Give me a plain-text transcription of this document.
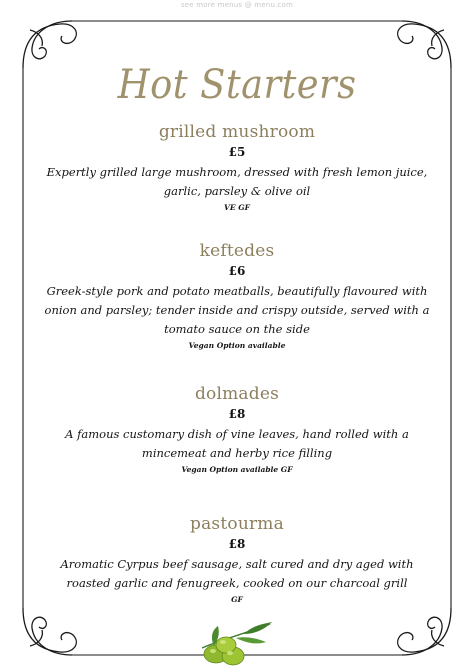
see more menus @ menu.com
Hot Starters
grilled mushroom
£5
Expertly grilled large mushroom, dressed with fresh lemon juice, garlic, parsley & olive oil
VE GF
keftedes
£6
Greek-style pork and potato meatballs, beautifully flavoured with onion and parsley; tender inside and crispy outside, served with a tomato sauce on the side
Vegan Option available
dolmades
£8
A famous customary dish of vine leaves, hand rolled with a mincemeat and herby rice filling
Vegan Option available GF
pastourma
£8
Aromatic Cyrpus beef sausage, salt cured and dry aged with roasted garlic and fenugreek, cooked on our charcoal grill
GF
